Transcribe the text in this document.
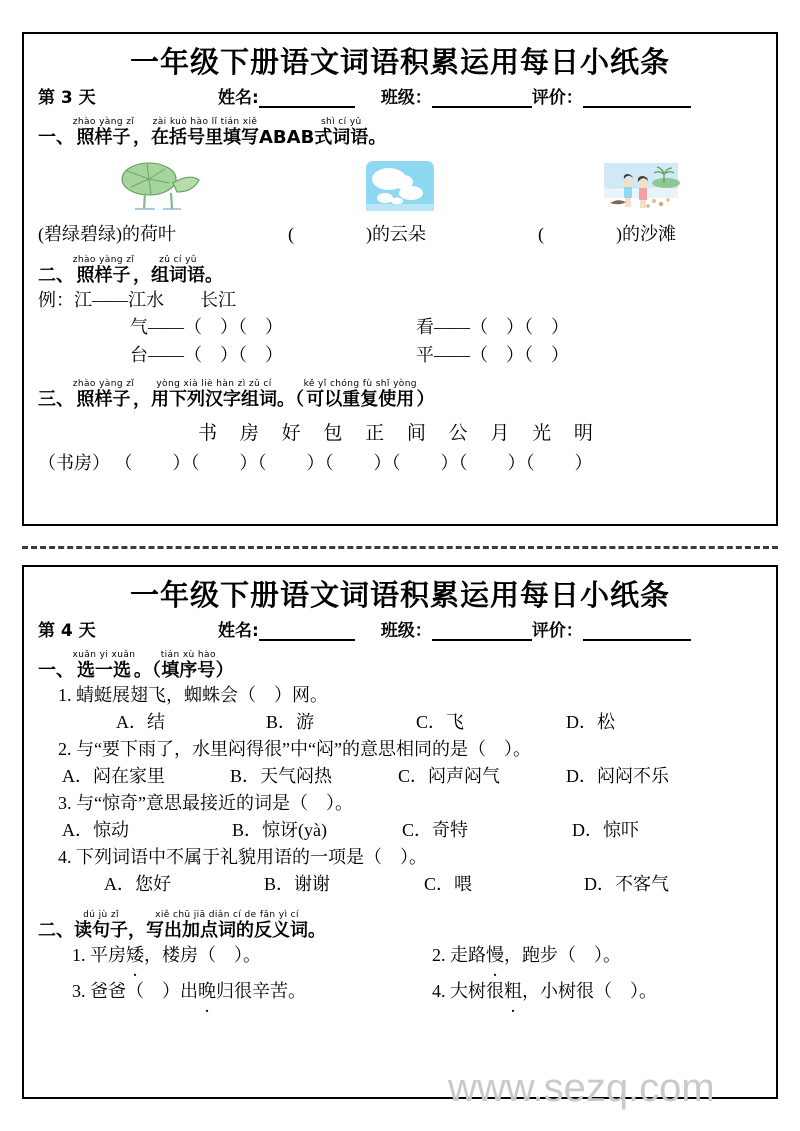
一年级下册语文词语积累运用每日小纸条
第 3 天	姓名:	班级：	评价：
一、照样子zhào yàng zǐ，在括号里填写zài kuò hào lǐ tián xiěABAB式词语shì cí yǔ。
(碧绿碧绿)的荷叶	(	)的云朵	(	)的沙滩
二、照样子zhào yàng zǐ，组词语zǔ cí yǔ。
例：江——江水　　长江
气——（　）（　）	看——（　）（　）
台——（　）（　）	平——（　）（　）
三、照样子zhào yàng zǐ，用下列汉字组词yòng xià liè hàn zì zǔ cí。（可以重复使用kě yǐ chóng fù shǐ yòng）
书 房 好 包 正 间 公 月 光 明
（书房） （ ）（ ）（ ）（ ）（ ）（ ）（ ）
一年级下册语文词语积累运用每日小纸条
第 4 天	姓名:	班级：	评价：
一、选一选xuǎn yi xuǎn。（填序号tián xù hào）
1. 蜻蜓展翅飞，蜘蛛会（　）网。
A．结	B．游	C．飞	D．松
2. 与“要下雨了，水里闷得很”中“闷”的意思相同的是（　）。
A．闷在家里	B．天气闷热	C．闷声闷气	D．闷闷不乐
3. 与“惊奇”意思最接近的词是（　）。
A．惊动	B．惊讶(yà)	C．奇特	D．惊吓
4. 下列词语中不属于礼貌用语的一项是（　）。
A．您好	B．谢谢	C．喂	D．不客气
二、读句子dú jù zǐ，写出加点词的反义词xiě chū jiā diǎn cí de fǎn yì cí。
1. 平房矮，楼房（　）。	2. 走路慢，跑步（　）。
3. 爸爸（　）出晚归很辛苦。	4. 大树很粗，小树很（　）。
www.sezq.com
